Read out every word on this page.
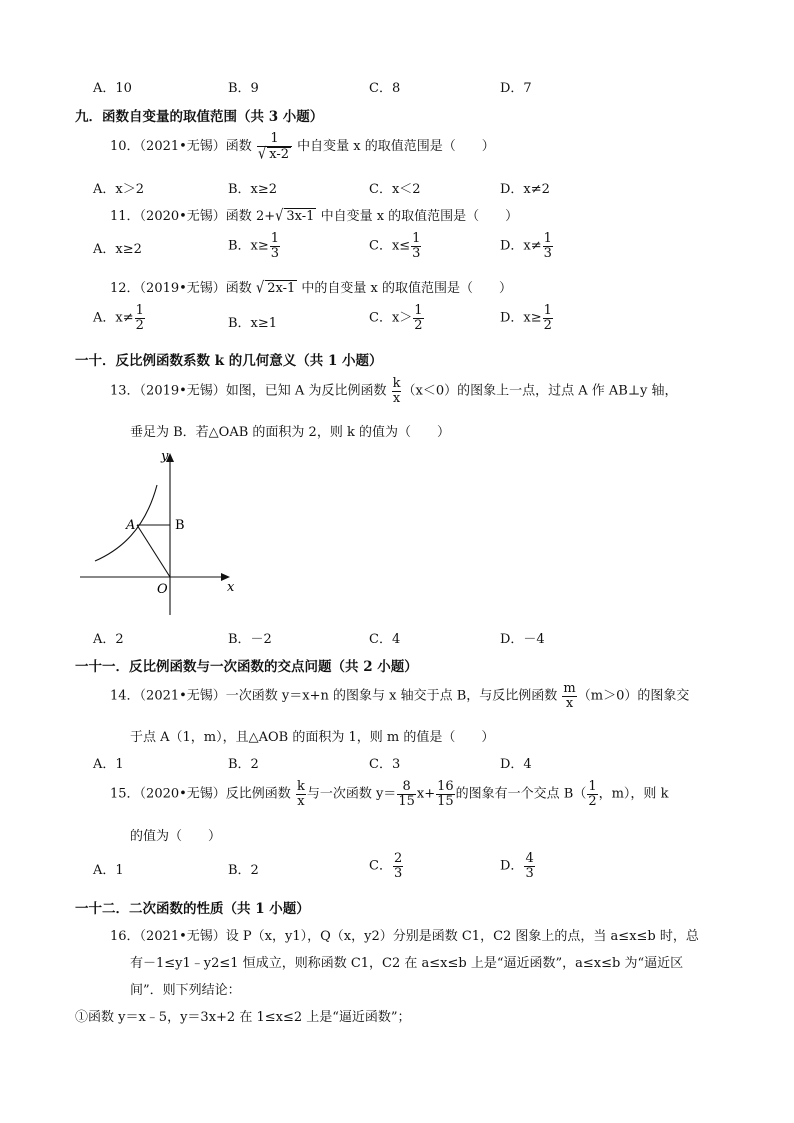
A．10	B．9	C．8	D．7
九．函数自变量的取值范围（共 3 小题）
10．（2021•无锡）函数 $\frac{1}{√ x-2}$ 中自变量 x 的取值范围是（　　）
A．x＞2	B．x≥2	C．x＜2	D．x≠2
11．（2020•无锡）函数 2+√ 3x-1 中自变量 x 的取值范围是（　　）
A．x≥2	B．$x\ge \frac{1}{3}$	C．$x\le \frac{1}{3}$	D．$x\ne \frac{1}{3}$
12．（2019•无锡）函数 √ 2x-1 中的自变量 x 的取值范围是（　　）
A．$x\ne \frac{1}{2}$	B．x≥1	C．$x> \frac{1}{2}$	D．$x\ge \frac{1}{2}$
一十．反比例函数系数 k 的几何意义（共 1 小题）
13．（2019•无锡）如图，已知 A 为反比例函数 $\frac{k}{x} (x<0)$的图象上一点，过点 A 作 AB⊥y 轴，
垂足为 B．若△OAB 的面积为 2，则 k 的值为（　　）
y
x
A	B
O
A．2	B．－2	C．4	D．－4
一十一．反比例函数与一次函数的交点问题（共 2 小题）
14．（2021•无锡）一次函数 y＝x+n 的图象与 x 轴交于点 B，与反比例函数 $\frac{m}{x} (m>0)$的图象交
于点 A（1，m），且△AOB 的面积为 1，则 m 的值是（　　）
A．1	B．2	C．3	D．4
15．（2020•无锡）反比例函数 $\frac{k}{x}$ 与一次函数 $y= \frac{8}{15} x+ \frac{16}{15}$ 的图象有一个交点 $B( \frac{1}{2}$ ，m），则 k
的值为（　　）
A．1	B．2	C． $\frac{2}{3}$	D． $\frac{4}{3}$
一十二．二次函数的性质（共 1 小题）
16．（2021•无锡）设 P（x，y1），Q（x，y2）分别是函数 C1，C2 图象上的点，当 a≤x≤b 时，总
有－1≤y1﹣y2≤1 恒成立，则称函数 C1，C2 在 a≤x≤b 上是“逼近函数”，a≤x≤b 为“逼近区
间”．则下列结论：
①函数 y＝x﹣5，y＝3x+2 在 1≤x≤2 上是“逼近函数”；
